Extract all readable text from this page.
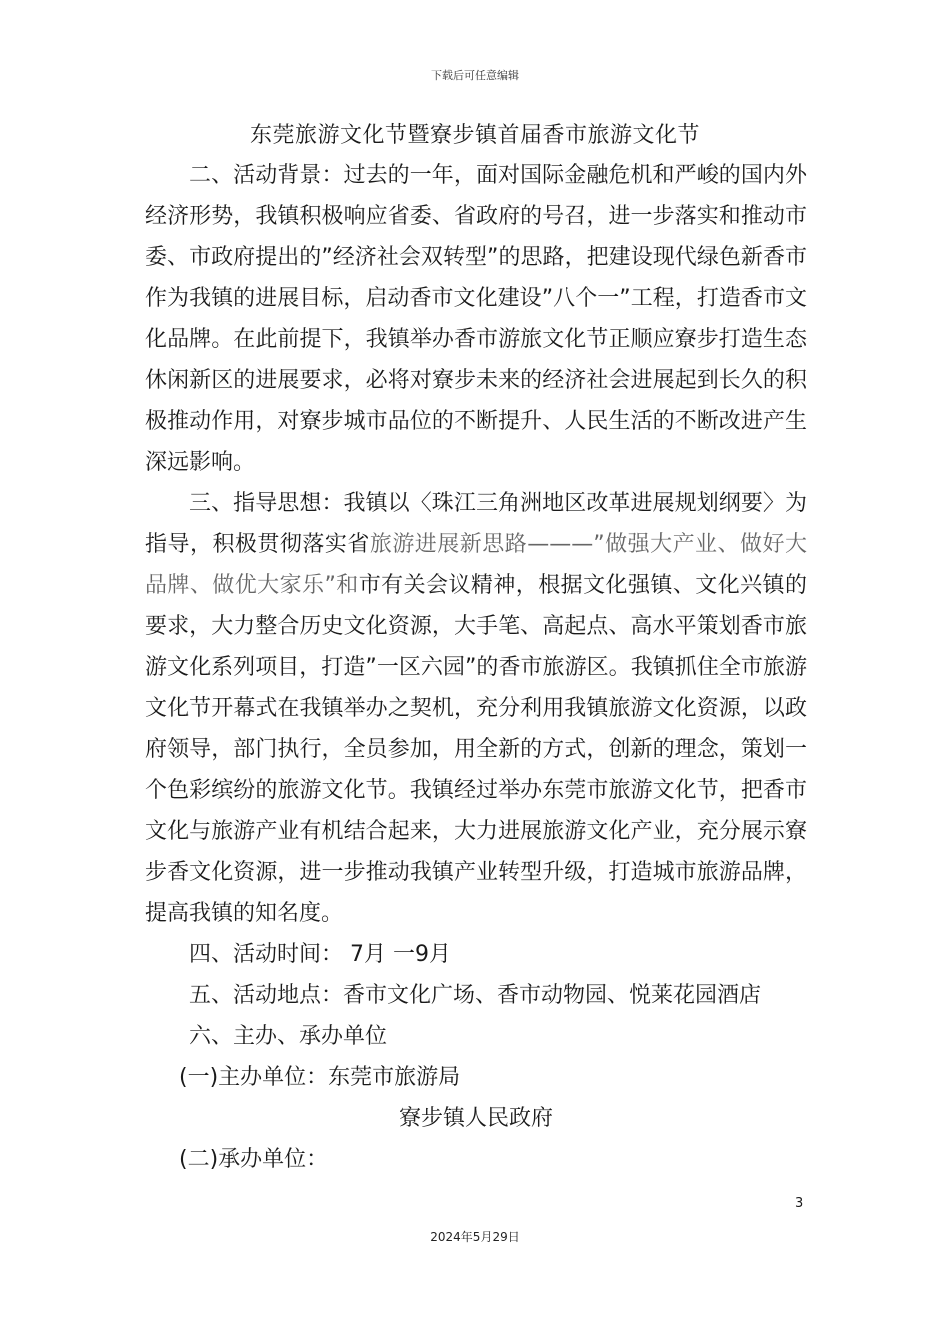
下载后可任意编辑
东莞旅游文化节暨寮步镇首届香市旅游文化节

二、活动背景：过去的一年，面对国际金融危机和严峻的国内外经济形势，我镇积极响应省委、省政府的号召，进一步落实和推动市委、市政府提出的”经济社会双转型”的思路，把建设现代绿色新香市作为我镇的进展目标，启动香市文化建设”八个一”工程，打造香市文化品牌。在此前提下，我镇举办香市游旅文化节正顺应寮步打造生态休闲新区的进展要求，必将对寮步未来的经济社会进展起到长久的积极推动作用，对寮步城市品位的不断提升、人民生活的不断改进产生深远影响。

三、指导思想：我镇以〈珠江三角洲地区改革进展规划纲要〉为指导，积极贯彻落实省旅游进展新思路———”做强大产业、做好大品牌、做优大家乐”和市有关会议精神，根据文化强镇、文化兴镇的要求，大力整合历史文化资源，大手笔、高起点、高水平策划香市旅游文化系列项目，打造”一区六园”的香市旅游区。我镇抓住全市旅游文化节开幕式在我镇举办之契机，充分利用我镇旅游文化资源，以政府领导，部门执行，全员参加，用全新的方式，创新的理念，策划一个色彩缤纷的旅游文化节。我镇经过举办东莞市旅游文化节，把香市文化与旅游产业有机结合起来，大力进展旅游文化产业，充分展示寮步香文化资源，进一步推动我镇产业转型升级，打造城市旅游品牌，提高我镇的知名度。

四、活动时间： 7月 一9月

五、活动地点：香市文化广场、香市动物园、悦莱花园酒店

六、主办、承办单位

(一)主办单位：东莞市旅游局

寮步镇人民政府

(二)承办单位：

3
2024年5月29日
